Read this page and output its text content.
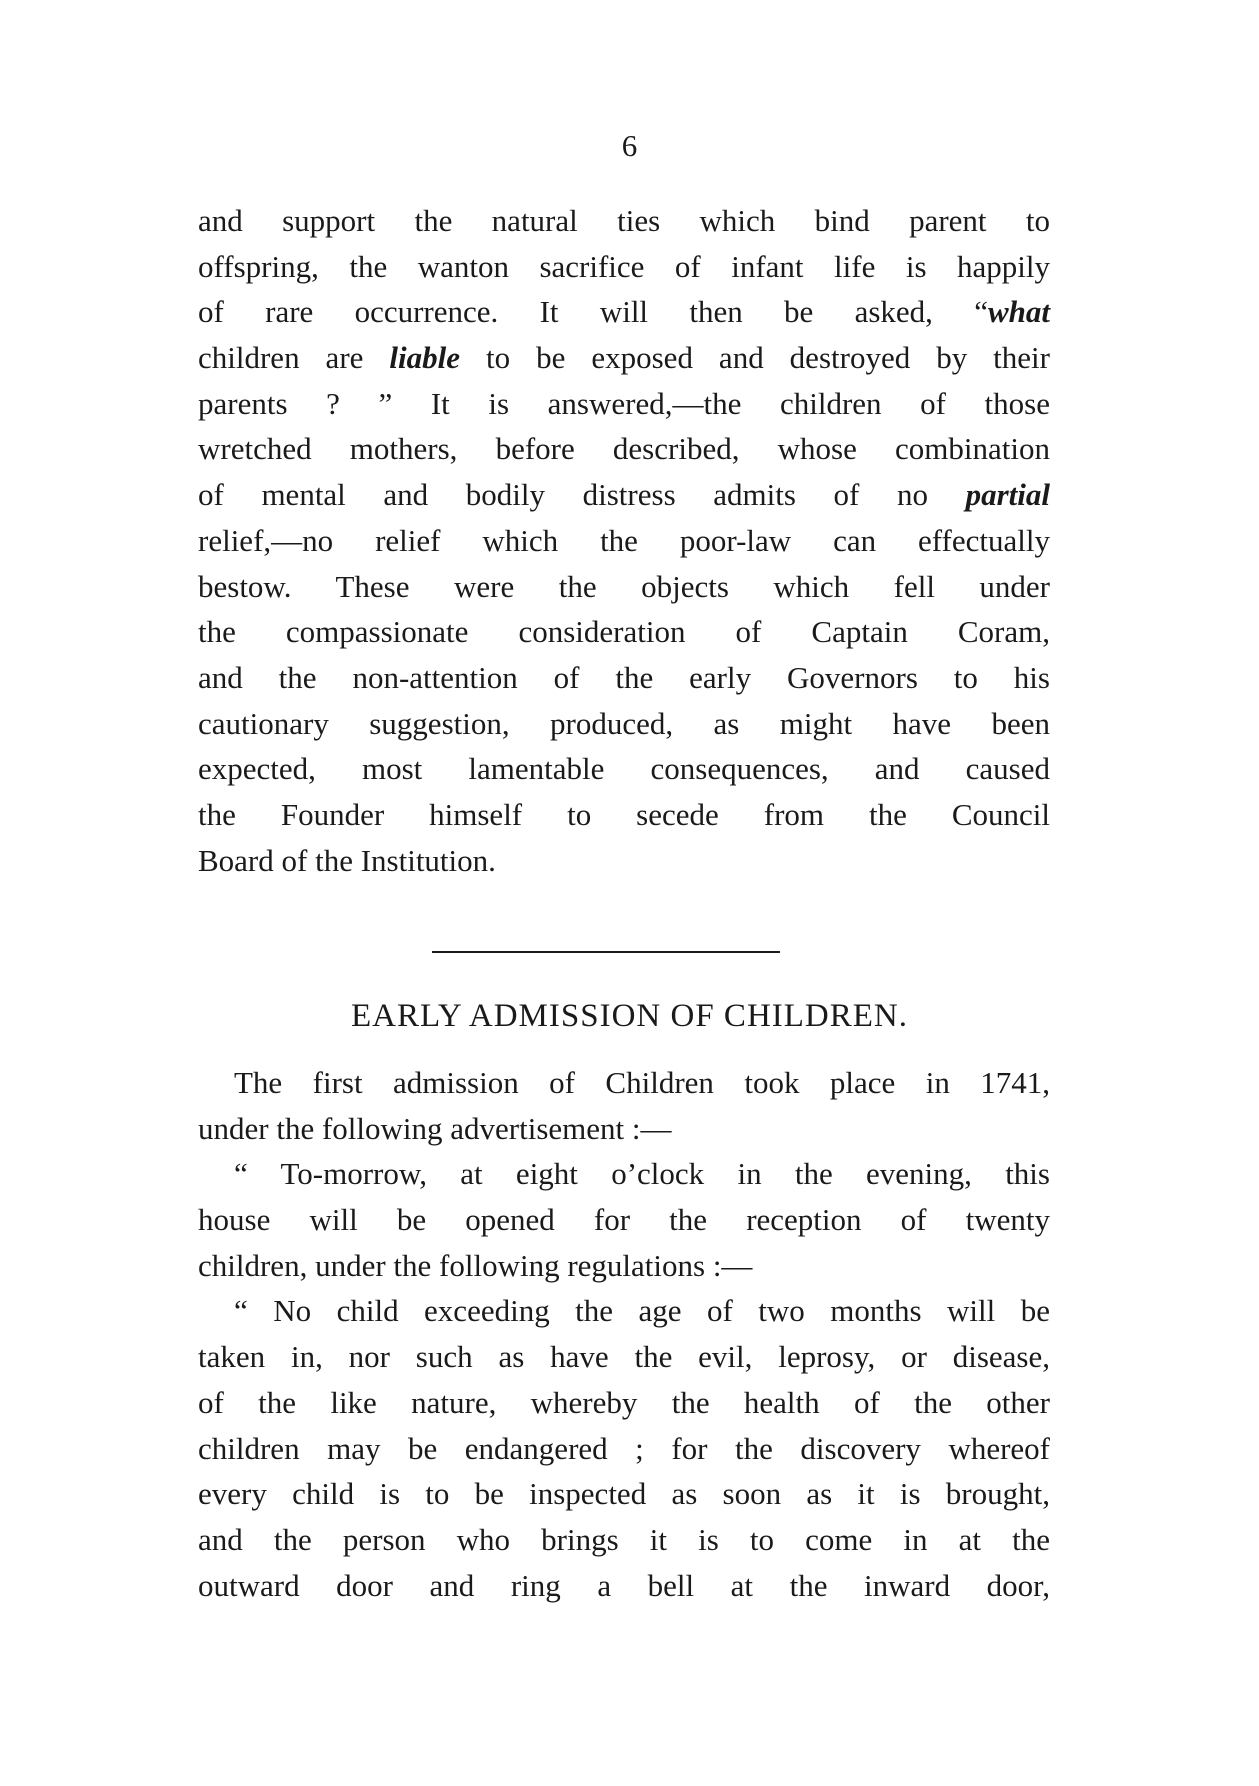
6
and support the natural ties which bind parent to
offspring, the wanton sacrifice of infant life is happily
of rare occurrence. It will then be asked, “what
children are liable to be exposed and destroyed by their
parents ? ” It is answered,—the children of those
wretched mothers, before described, whose combination
of mental and bodily distress admits of no partial
relief,—no relief which the poor-law can effectually
bestow. These were the objects which fell under
the compassionate consideration of Captain Coram,
and the non-attention of the early Governors to his
cautionary suggestion, produced, as might have been
expected, most lamentable consequences, and caused
the Founder himself to secede from the Council
Board of the Institution.
EARLY ADMISSION OF CHILDREN.
The first admission of Children took place in 1741,
under the following advertisement :—
“ To-morrow, at eight o’clock in the evening, this
house will be opened for the reception of twenty
children, under the following regulations :—
“ No child exceeding the age of two months will be
taken in, nor such as have the evil, leprosy, or disease,
of the like nature, whereby the health of the other
children may be endangered ; for the discovery whereof
every child is to be inspected as soon as it is brought,
and the person who brings it is to come in at the
outward door and ring a bell at the inward door,
